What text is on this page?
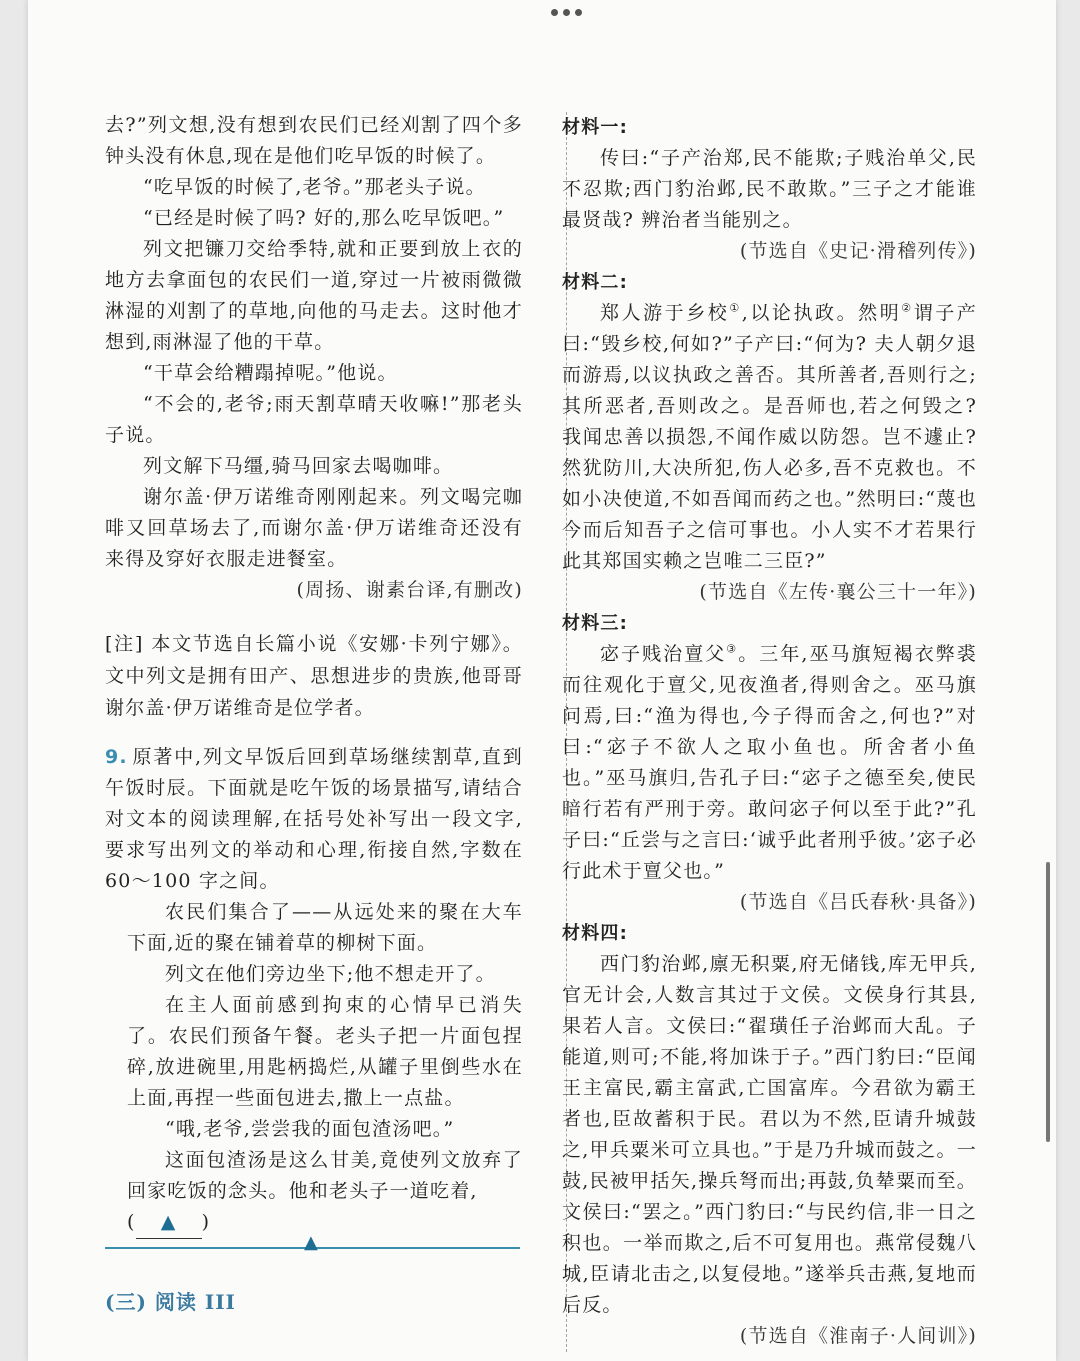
去?”列文想,没有想到农民们已经刈割了四个多钟头没有休息,现在是他们吃早饭的时候了。

“吃早饭的时候了,老爷。”那老头子说。

“已经是时候了吗? 好的,那么吃早饭吧。”

列文把镰刀交给季特,就和正要到放上衣的地方去拿面包的农民们一道,穿过一片被雨微微淋湿的刈割了的草地,向他的马走去。这时他才想到,雨淋湿了他的干草。

“干草会给糟蹋掉呢。”他说。

“不会的,老爷;雨天割草晴天收嘛!”那老头子说。

列文解下马缰,骑马回家去喝咖啡。

谢尔盖·伊万诺维奇刚刚起来。列文喝完咖啡又回草场去了,而谢尔盖·伊万诺维奇还没有来得及穿好衣服走进餐室。

(周扬、谢素台译,有删改)

[注] 本文节选自长篇小说《安娜·卡列宁娜》。文中列文是拥有田产、思想进步的贵族,他哥哥谢尔盖·伊万诺维奇是位学者。

9. 原著中,列文早饭后回到草场继续割草,直到午饭时辰。下面就是吃午饭的场景描写,请结合对文本的阅读理解,在括号处补写出一段文字,要求写出列文的举动和心理,衔接自然,字数在 60～100 字之间。

农民们集合了——从远处来的聚在大车下面,近的聚在铺着草的柳树下面。

列文在他们旁边坐下;他不想走开了。

在主人面前感到拘束的心情早已消失了。农民们预备午餐。老头子把一片面包捏碎,放进碗里,用匙柄捣烂,从罐子里倒些水在上面,再捏一些面包进去,撒上一点盐。

“哦,老爷,尝尝我的面包渣汤吧。”

这面包渣汤是这么甘美,竟使列文放弃了回家吃饭的念头。他和老头子一道吃着,

( ▲ )

▲

(三) 阅读 III

材料一:

传曰:“子产治郑,民不能欺;子贱治单父,民不忍欺;西门豹治邺,民不敢欺。”三子之才能谁最贤哉? 辨治者当能别之。

(节选自《史记·滑稽列传》)

材料二:

郑人游于乡校①,以论执政。然明②谓子产曰:“毁乡校,何如?”子产曰:“何为? 夫人朝夕退而游焉,以议执政之善否。其所善者,吾则行之;其所恶者,吾则改之。是吾师也,若之何毁之? 我闻忠善以损怨,不闻作威以防怨。岂不遽止? 然犹防川,大决所犯,伤人必多,吾不克救也。不如小决使道,不如吾闻而药之也。”然明曰:“蔑也今而后知吾子之信可事也。小人实不才若果行此其郑国实赖之岂唯二三臣?”

(节选自《左传·襄公三十一年》)

材料三:

宓子贱治亶父③。三年,巫马旗短褐衣弊裘而往观化于亶父,见夜渔者,得则舍之。巫马旗问焉,曰:“渔为得也,今子得而舍之,何也?”对曰:“宓子不欲人之取小鱼也。所舍者小鱼也。”巫马旗归,告孔子曰:“宓子之德至矣,使民暗行若有严刑于旁。敢问宓子何以至于此?”孔子曰:“丘尝与之言曰:‘诚乎此者刑乎彼。’宓子必行此术于亶父也。”

(节选自《吕氏春秋·具备》)

材料四:

西门豹治邺,廪无积粟,府无储钱,库无甲兵,官无计会,人数言其过于文侯。文侯身行其县,果若人言。文侯曰:“翟璜任子治邺而大乱。子能道,则可;不能,将加诛于子。”西门豹曰:“臣闻王主富民,霸主富武,亡国富库。今君欲为霸王者也,臣故蓄积于民。君以为不然,臣请升城鼓之,甲兵粟米可立具也。”于是乃升城而鼓之。一鼓,民被甲括矢,操兵弩而出;再鼓,负辇粟而至。文侯曰:“罢之。”西门豹曰:“与民约信,非一日之积也。一举而欺之,后不可复用也。燕常侵魏八城,臣请北击之,以复侵地。”遂举兵击燕,复地而后反。

(节选自《淮南子·人间训》)
